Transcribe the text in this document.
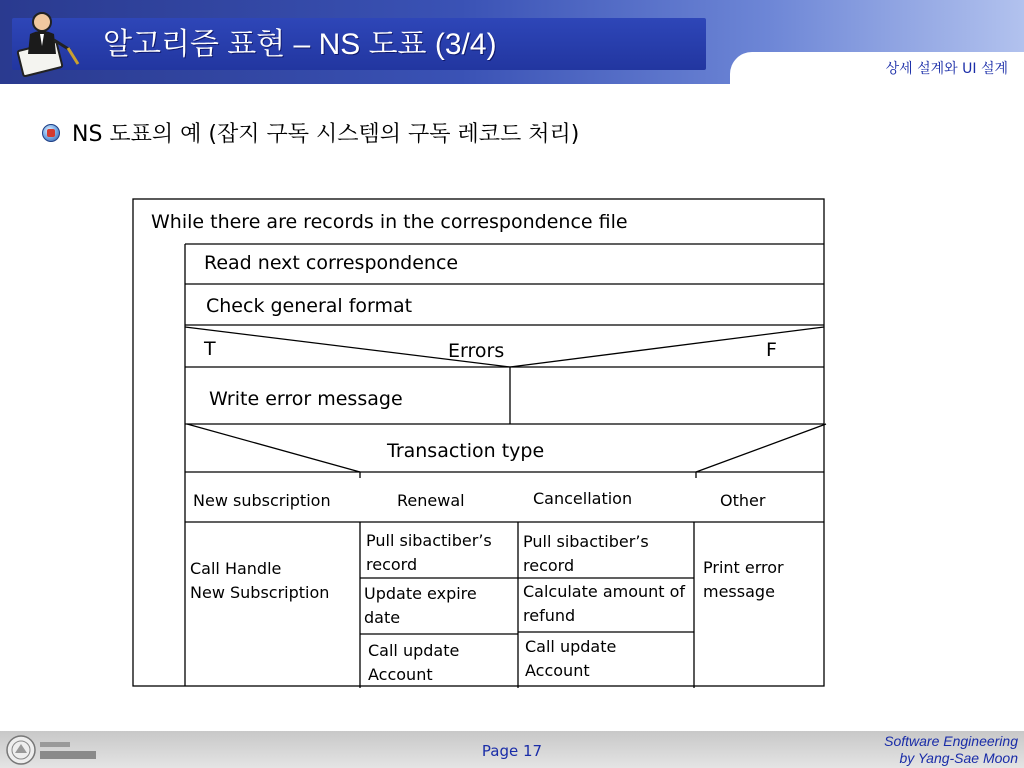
알고리즘 표현 – NS 도표 (3/4)
상세 설계와 UI 설계
NS 도표의 예 (잡지 구독 시스템의 구독 레코드 처리)
While there are records in the correspondence file
Read next correspondence
Check general format
T	Errors	F
Write error message
Transaction type
New subscription	Renewal	Cancellation	Other
Call Handle
New Subscription
Pull sibactiber’s record
Update expire date
Call update Account
Pull sibactiber’s record
Calculate amount of refund
Call update Account
Print error message
Page 17
Software Engineering
by Yang-Sae Moon
